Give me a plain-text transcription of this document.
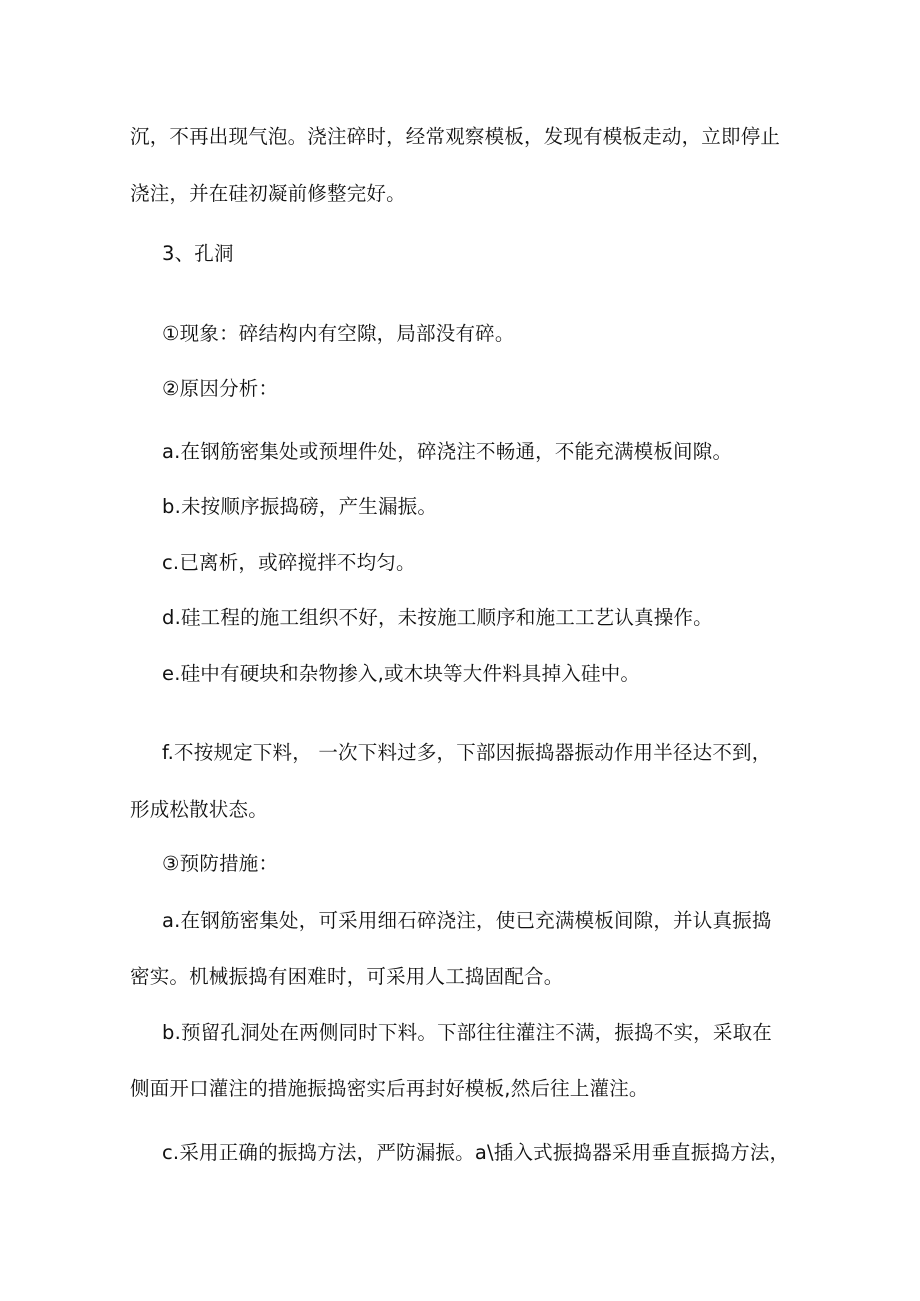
沉，不再出现气泡。浇注碎时，经常观察模板，发现有模板走动，立即停止
浇注，并在硅初凝前修整完好。
3、孔洞
①现象：碎结构内有空隙，局部没有碎。
②原因分析：
a.在钢筋密集处或预埋件处，碎浇注不畅通，不能充满模板间隙。
b.未按顺序振捣磅，产生漏振。
c.已离析，或碎搅拌不均匀。
d.硅工程的施工组织不好，未按施工顺序和施工工艺认真操作。
e.硅中有硬块和杂物掺入,或木块等大件料具掉入硅中。
f.不按规定下料， 一次下料过多，下部因振捣器振动作用半径达不到，
形成松散状态。
③预防措施：
a.在钢筋密集处，可采用细石碎浇注，使已充满模板间隙，并认真振捣
密实。机械振捣有困难时，可采用人工捣固配合。
b.预留孔洞处在两侧同时下料。下部往往灌注不满，振捣不实，采取在
侧面开口灌注的措施振捣密实后再封好模板,然后往上灌注。
c.采用正确的振捣方法，严防漏振。a\插入式振捣器采用垂直振捣方法，
